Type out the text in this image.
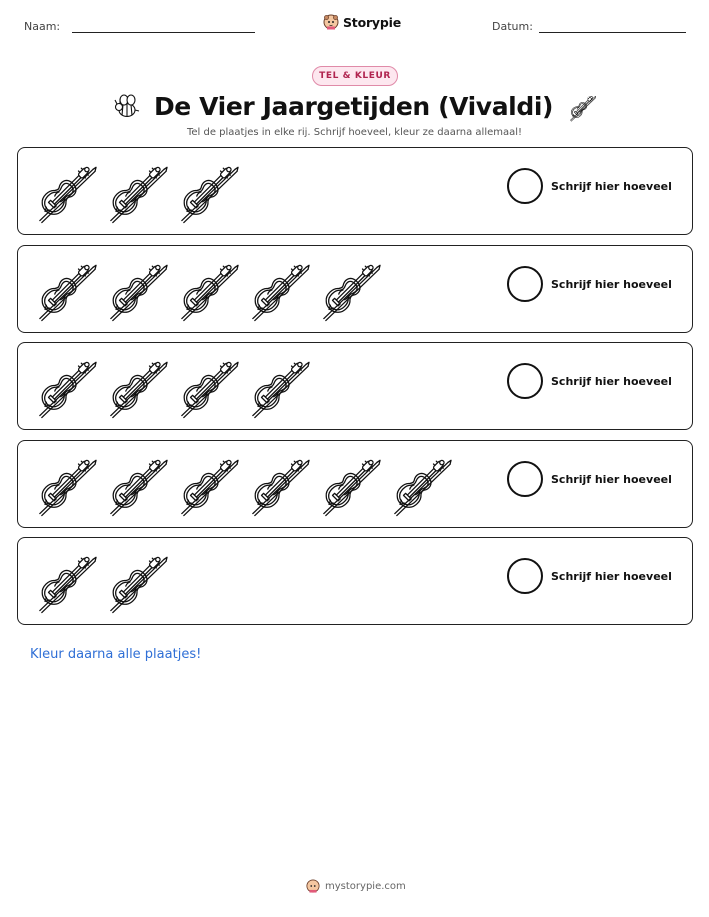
Naam:	Storypie	Datum:
TEL & KLEUR
De Vier Jaargetijden (Vivaldi)
Tel de plaatjes in elke rij. Schrijf hoeveel, kleur ze daarna allemaal!
Schrijf hier hoeveel
Schrijf hier hoeveel
Schrijf hier hoeveel
Schrijf hier hoeveel
Schrijf hier hoeveel
Kleur daarna alle plaatjes!
mystorypie.com
